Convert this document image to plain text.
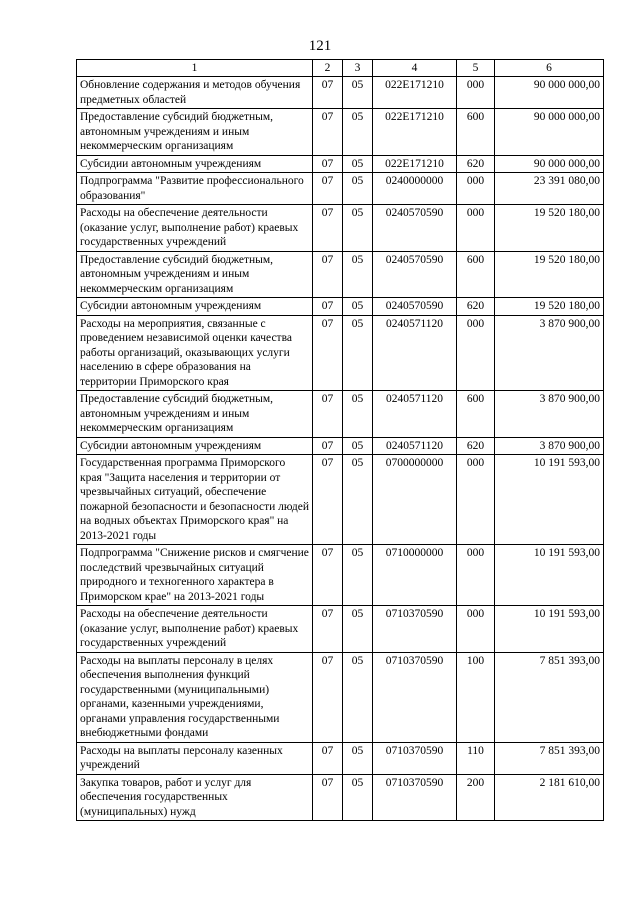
121
1	2	3	4	5	6
Обновление содержания и методов обучения предметных областей	07	05	022E171210	000	90 000 000,00
Предоставление субсидий бюджетным, автономным учреждениям и иным некоммерческим организациям	07	05	022E171210	600	90 000 000,00
Субсидии автономным учреждениям	07	05	022E171210	620	90 000 000,00
Подпрограмма "Развитие профессионального образования"	07	05	0240000000	000	23 391 080,00
Расходы на обеспечение деятельности (оказание услуг, выполнение работ) краевых государственных учреждений	07	05	0240570590	000	19 520 180,00
Предоставление субсидий бюджетным, автономным учреждениям и иным некоммерческим организациям	07	05	0240570590	600	19 520 180,00
Субсидии автономным учреждениям	07	05	0240570590	620	19 520 180,00
Расходы на мероприятия, связанные с проведением независимой оценки качества работы организаций, оказывающих услуги населению в сфере образования на территории Приморского края	07	05	0240571120	000	3 870 900,00
Предоставление субсидий бюджетным, автономным учреждениям и иным некоммерческим организациям	07	05	0240571120	600	3 870 900,00
Субсидии автономным учреждениям	07	05	0240571120	620	3 870 900,00
Государственная программа Приморского края "Защита населения и территории от чрезвычайных ситуаций, обеспечение пожарной безопасности и безопасности людей на водных объектах Приморского края" на 2013-2021 годы	07	05	0700000000	000	10 191 593,00
Подпрограмма "Снижение рисков и смягчение последствий чрезвычайных ситуаций природного и техногенного характера в Приморском крае" на 2013-2021 годы	07	05	0710000000	000	10 191 593,00
Расходы на обеспечение деятельности (оказание услуг, выполнение работ) краевых государственных учреждений	07	05	0710370590	000	10 191 593,00
Расходы на выплаты персоналу в целях обеспечения выполнения функций государственными (муниципальными) органами, казенными учреждениями, органами управления государственными внебюджетными фондами	07	05	0710370590	100	7 851 393,00
Расходы на выплаты персоналу казенных учреждений	07	05	0710370590	110	7 851 393,00
Закупка товаров, работ и услуг для обеспечения государственных (муниципальных) нужд	07	05	0710370590	200	2 181 610,00
